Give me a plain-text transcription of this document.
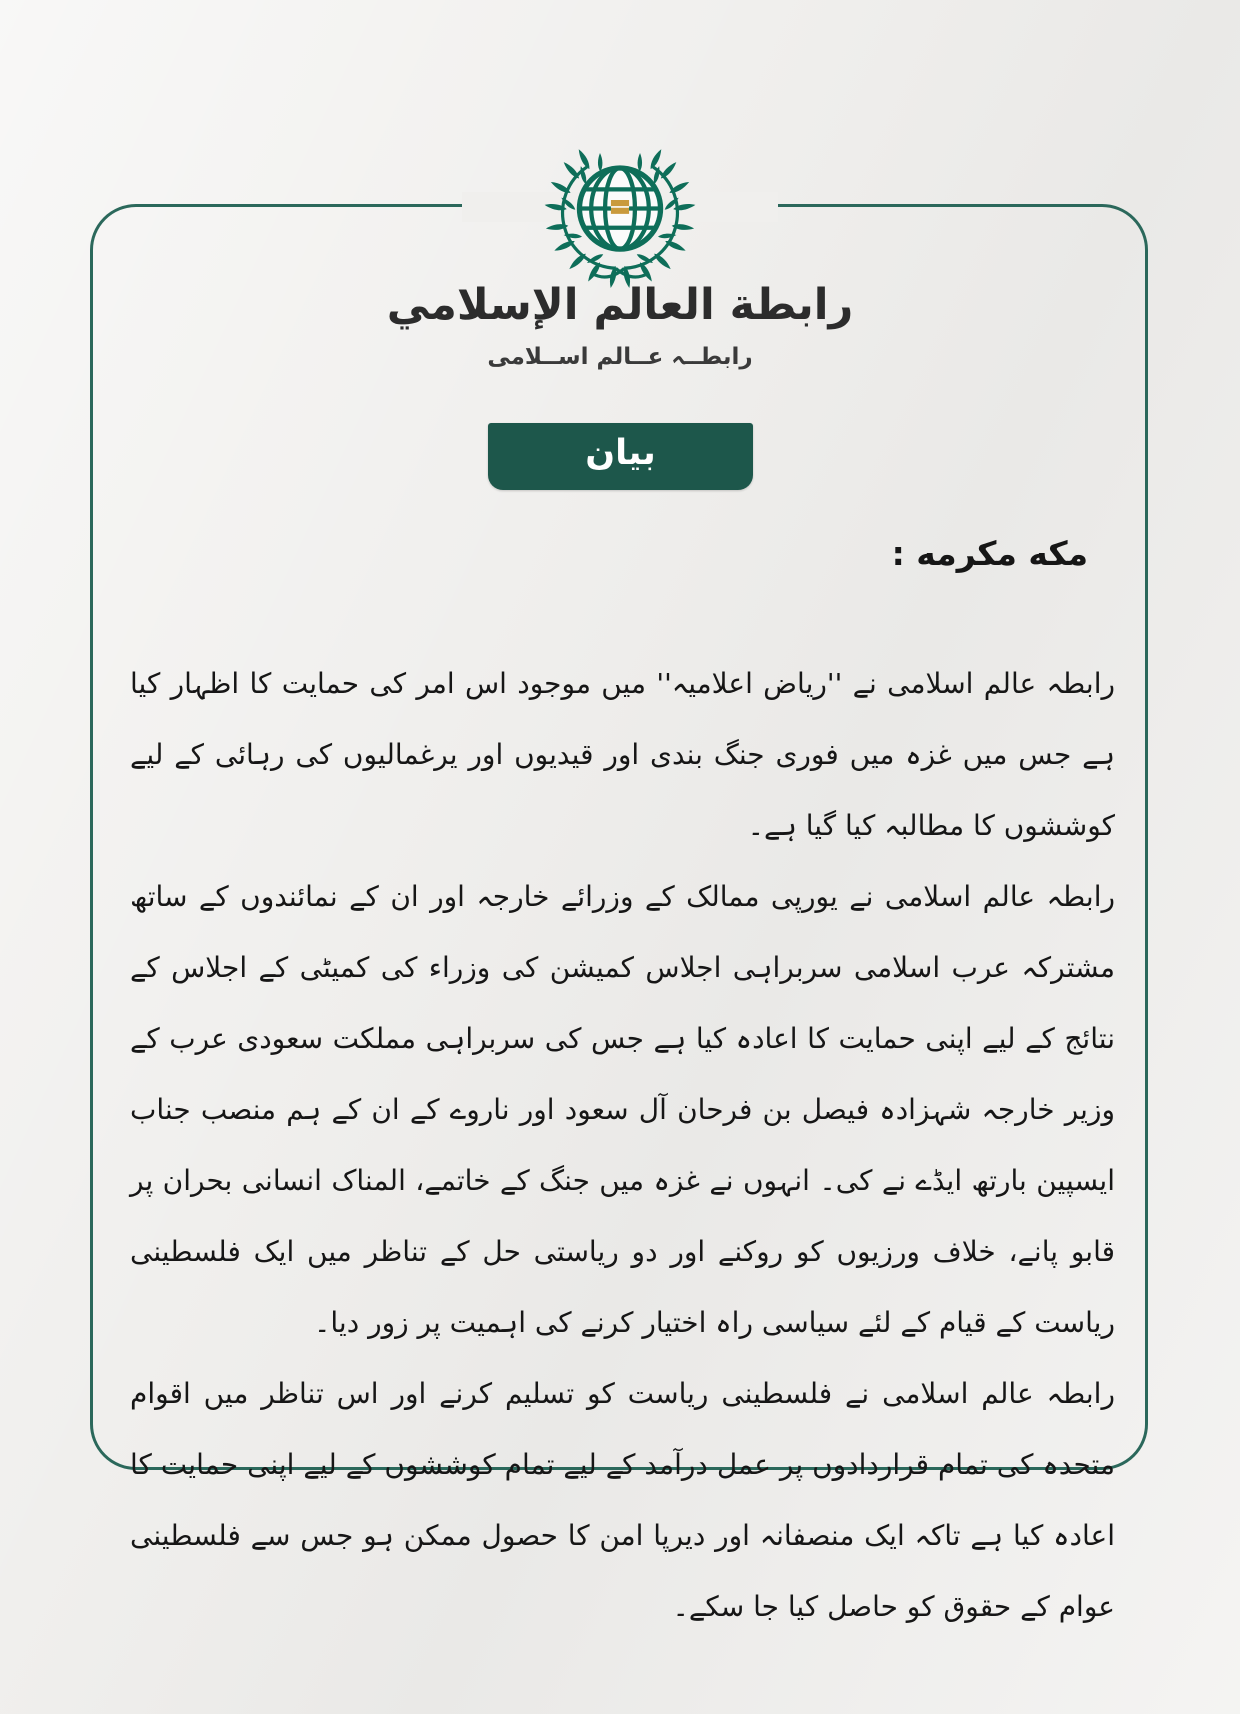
رابطة العالم الإسلامي
رابطــہ عــالم اســلامی
بيان
مکه مکرمه :

رابطہ عالم اسلامی نے ''ریاض اعلامیہ'' میں موجود اس امر کی حمایت کا اظہار کیا ہے جس میں غزہ میں فوری جنگ بندی اور قیدیوں اور یرغمالیوں کی رہائی کے لیے کوششوں کا مطالبہ کیا گیا ہے۔

رابطہ عالم اسلامی نے یورپی ممالک کے وزرائے خارجہ اور ان کے نمائندوں کے ساتھ مشترکہ عرب اسلامی سربراہی اجلاس کمیشن کی وزراء کی کمیٹی کے اجلاس کے نتائج کے لیے اپنی حمایت کا اعادہ کیا ہے جس کی سربراہی مملکت سعودی عرب کے وزیر خارجہ شہزادہ فیصل بن فرحان آل سعود اور ناروے کے ان کے ہم منصب جناب ایسپین بارتھ ایڈے نے کی۔ انہوں نے غزہ میں جنگ کے خاتمے، المناک انسانی بحران پر قابو پانے، خلاف ورزیوں کو روکنے اور دو ریاستی حل کے تناظر میں ایک فلسطینی ریاست کے قیام کے لئے سیاسی راہ اختیار کرنے کی اہمیت پر زور دیا۔

رابطہ عالم اسلامی نے فلسطینی ریاست کو تسلیم کرنے اور اس تناظر میں اقوام متحدہ کی تمام قراردادوں پر عمل درآمد کے لیے تمام کوششوں کے لیے اپنی حمایت کا اعادہ کیا ہے تاکہ ایک منصفانہ اور دیرپا امن کا حصول ممکن ہو جس سے فلسطینی عوام کے حقوق کو حاصل کیا جا سکے۔
